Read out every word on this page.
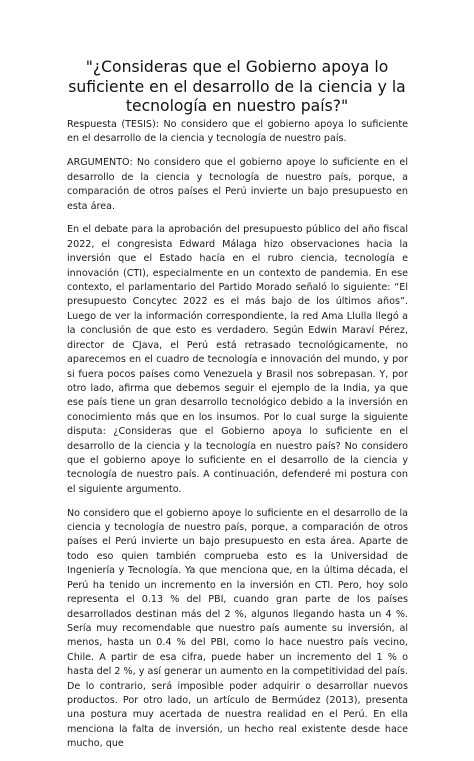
"¿Consideras que el Gobierno apoya lo suficiente en el desarrollo de la ciencia y la tecnología en nuestro país?"

Respuesta (TESIS): No considero que el gobierno apoya lo suficiente en el desarrollo de la ciencia y tecnología de nuestro país.

ARGUMENTO: No considero que el gobierno apoye lo suficiente en el desarrollo de la ciencia y tecnología de nuestro país, porque, a comparación de otros países el Perú invierte un bajo presupuesto en esta área.

En el debate para la aprobación del presupuesto público del año fiscal 2022, el congresista Edward Málaga hizo observaciones hacia la inversión que el Estado hacía en el rubro ciencia, tecnología e innovación (CTI), especialmente en un contexto de pandemia. En ese contexto, el parlamentario del Partido Morado señaló lo siguiente: “El presupuesto Concytec 2022 es el más bajo de los últimos años”. Luego de ver la información correspondiente, la red Ama Llulla llegó a la conclusión de que esto es verdadero. Según Edwin Maraví Pérez, director de CJava, el Perú está retrasado tecnológicamente, no aparecemos en el cuadro de tecnología e innovación del mundo, y por si fuera pocos países como Venezuela y Brasil nos sobrepasan. Y, por otro lado, afirma que debemos seguir el ejemplo de la India, ya que ese país tiene un gran desarrollo tecnológico debido a la inversión en conocimiento más que en los insumos. Por lo cual surge la siguiente disputa: ¿Consideras que el Gobierno apoya lo suficiente en el desarrollo de la ciencia y la tecnología en nuestro país? No considero que el gobierno apoye lo suficiente en el desarrollo de la ciencia y tecnología de nuestro país. A continuación, defenderé mi postura con el siguiente argumento.

No considero que el gobierno apoye lo suficiente en el desarrollo de la ciencia y tecnología de nuestro país, porque, a comparación de otros países el Perú invierte un bajo presupuesto en esta área. Aparte de todo eso quien también comprueba esto es la Universidad de Ingeniería y Tecnología. Ya que menciona que, en la última década, el Perú ha tenido un incremento en la inversión en CTI. Pero, hoy solo representa el 0.13 % del PBI, cuando gran parte de los países desarrollados destinan más del 2 %, algunos llegando hasta un 4 %. Sería muy recomendable que nuestro país aumente su inversión, al menos, hasta un 0.4 % del PBI, como lo hace nuestro país vecino, Chile. A partir de esa cifra, puede haber un incremento del 1 % o hasta del 2 %, y así generar un aumento en la competitividad del país. De lo contrario, será imposible poder adquirir o desarrollar nuevos productos. Por otro lado, un artículo de Bermúdez (2013), presenta una postura muy acertada de nuestra realidad en el Perú. En ella menciona la falta de inversión, un hecho real existente desde hace mucho, que
